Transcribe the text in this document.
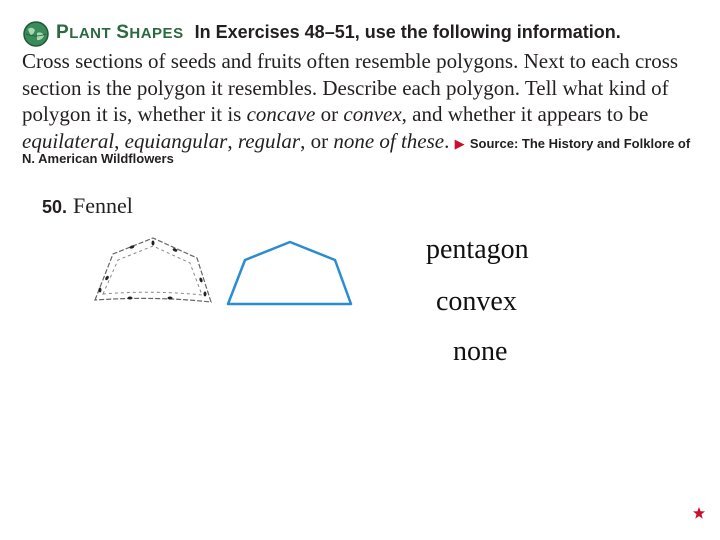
PLANT SHAPES In Exercises 48–51, use the following information.
Cross sections of seeds and fruits often resemble polygons. Next to each cross section is the polygon it resembles. Describe each polygon. Tell what kind of polygon it is, whether it is concave or convex, and whether it appears to be equilateral, equiangular, regular, or none of these. ▶ Source: The History and Folklore of
N. American Wildflowers
50. Fennel
pentagon
convex
none
